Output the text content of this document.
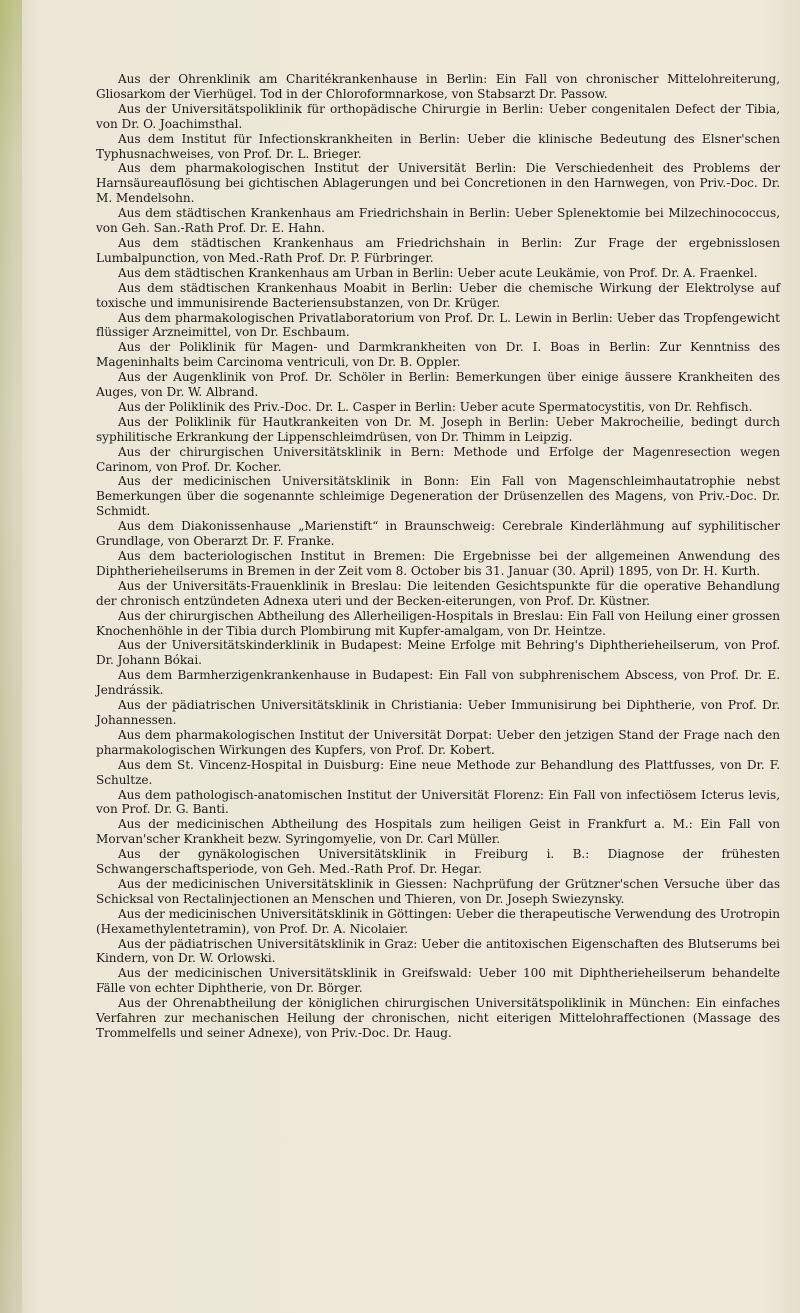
Aus der Ohrenklinik am Charitékrankenhause in Berlin: Ein Fall von chronischer Mittelohreiterung, Gliosarkom der Vierhügel. Tod in der Chloroformnarkose, von Stabsarzt Dr. Passow.

Aus der Universitätspoliklinik für orthopädische Chirurgie in Berlin: Ueber congenitalen Defect der Tibia, von Dr. O. Joachimsthal.

Aus dem Institut für Infectionskrankheiten in Berlin: Ueber die klinische Bedeutung des Elsner'schen Typhusnachweises, von Prof. Dr. L. Brieger.

Aus dem pharmakologischen Institut der Universität Berlin: Die Verschiedenheit des Problems der Harnsäureauflösung bei gichtischen Ablagerungen und bei Concretionen in den Harnwegen, von Priv.-Doc. Dr. M. Mendelsohn.

Aus dem städtischen Krankenhaus am Friedrichshain in Berlin: Ueber Splenektomie bei Milzechinococcus, von Geh. San.-Rath Prof. Dr. E. Hahn.

Aus dem städtischen Krankenhaus am Friedrichshain in Berlin: Zur Frage der ergebnisslosen Lumbalpunction, von Med.-Rath Prof. Dr. P. Fürbringer.

Aus dem städtischen Krankenhaus am Urban in Berlin: Ueber acute Leukämie, von Prof. Dr. A. Fraenkel.

Aus dem städtischen Krankenhaus Moabit in Berlin: Ueber die chemische Wirkung der Elektrolyse auf toxische und immunisirende Bacteriensubstanzen, von Dr. Krüger.

Aus dem pharmakologischen Privatlaboratorium von Prof. Dr. L. Lewin in Berlin: Ueber das Tropfengewicht flüssiger Arzneimittel, von Dr. Eschbaum.

Aus der Poliklinik für Magen- und Darmkrankheiten von Dr. I. Boas in Berlin: Zur Kenntniss des Mageninhalts beim Carcinoma ventriculi, von Dr. B. Oppler.

Aus der Augenklinik von Prof. Dr. Schöler in Berlin: Bemerkungen über einige äussere Krankheiten des Auges, von Dr. W. Albrand.

Aus der Poliklinik des Priv.-Doc. Dr. L. Casper in Berlin: Ueber acute Spermatocystitis, von Dr. Rehfisch.

Aus der Poliklinik für Hautkrankeiten von Dr. M. Joseph in Berlin: Ueber Makrocheilie, bedingt durch syphilitische Erkrankung der Lippenschleimdrüsen, von Dr. Thimm in Leipzig.

Aus der chirurgischen Universitätsklinik in Bern: Methode und Erfolge der Magenresection wegen Carinom, von Prof. Dr. Kocher.

Aus der medicinischen Universitätsklinik in Bonn: Ein Fall von Magenschleimhautatrophie nebst Bemerkungen über die sogenannte schleimige Degeneration der Drüsenzellen des Magens, von Priv.-Doc. Dr. Schmidt.

Aus dem Diakonissenhause „Marienstift“ in Braunschweig: Cerebrale Kinderlähmung auf syphilitischer Grundlage, von Oberarzt Dr. F. Franke.

Aus dem bacteriologischen Institut in Bremen: Die Ergebnisse bei der allgemeinen Anwendung des Diphtherieheilserums in Bremen in der Zeit vom 8. October bis 31. Januar (30. April) 1895, von Dr. H. Kurth.

Aus der Universitäts-Frauenklinik in Breslau: Die leitenden Gesichtspunkte für die operative Behandlung der chronisch entzündeten Adnexa uteri und der Becken-eiterungen, von Prof. Dr. Küstner.

Aus der chirurgischen Abtheilung des Allerheiligen-Hospitals in Breslau: Ein Fall von Heilung einer grossen Knochenhöhle in der Tibia durch Plombirung mit Kupfer-amalgam, von Dr. Heintze.

Aus der Universitätskinderklinik in Budapest: Meine Erfolge mit Behring's Diphtherieheilserum, von Prof. Dr. Johann Bókai.

Aus dem Barmherzigenkrankenhause in Budapest: Ein Fall von subphrenischem Abscess, von Prof. Dr. E. Jendrássik.

Aus der pädiatrischen Universitätsklinik in Christiania: Ueber Immunisirung bei Diphtherie, von Prof. Dr. Johannessen.

Aus dem pharmakologischen Institut der Universität Dorpat: Ueber den jetzigen Stand der Frage nach den pharmakologischen Wirkungen des Kupfers, von Prof. Dr. Kobert.

Aus dem St. Vincenz-Hospital in Duisburg: Eine neue Methode zur Behandlung des Plattfusses, von Dr. F. Schultze.

Aus dem pathologisch-anatomischen Institut der Universität Florenz: Ein Fall von infectiösem Icterus levis, von Prof. Dr. G. Banti.

Aus der medicinischen Abtheilung des Hospitals zum heiligen Geist in Frankfurt a. M.: Ein Fall von Morvan'scher Krankheit bezw. Syringomyelie, von Dr. Carl Müller.

Aus der gynäkologischen Universitätsklinik in Freiburg i. B.: Diagnose der frühesten Schwangerschaftsperiode, von Geh. Med.-Rath Prof. Dr. Hegar.

Aus der medicinischen Universitätsklinik in Giessen: Nachprüfung der Grützner'schen Versuche über das Schicksal von Rectalinjectionen an Menschen und Thieren, von Dr. Joseph Swiezynsky.

Aus der medicinischen Universitätsklinik in Göttingen: Ueber die therapeutische Verwendung des Urotropin (Hexamethylentetramin), von Prof. Dr. A. Nicolaier.

Aus der pädiatrischen Universitätsklinik in Graz: Ueber die antitoxischen Eigenschaften des Blutserums bei Kindern, von Dr. W. Orlowski.

Aus der medicinischen Universitätsklinik in Greifswald: Ueber 100 mit Diphtherieheilserum behandelte Fälle von echter Diphtherie, von Dr. Börger.

Aus der Ohrenabtheilung der königlichen chirurgischen Universitätspoliklinik in München: Ein einfaches Verfahren zur mechanischen Heilung der chronischen, nicht eiterigen Mittelohraffectionen (Massage des Trommelfells und seiner Adnexe), von Priv.-Doc. Dr. Haug.
